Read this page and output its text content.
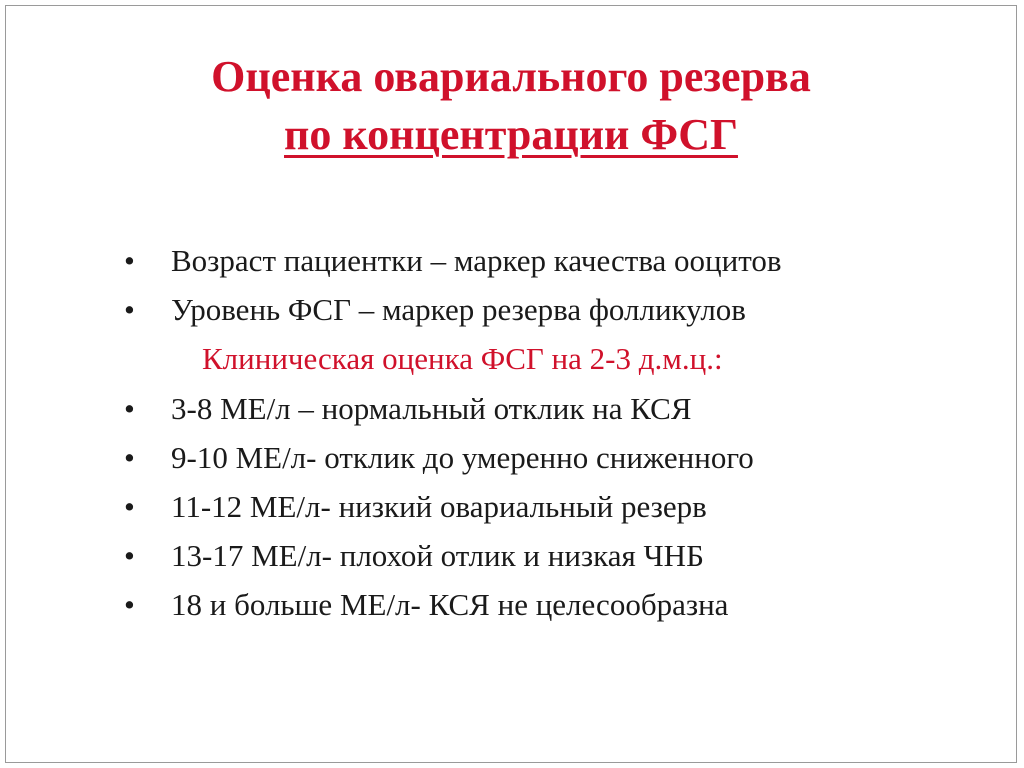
Оценка овариального резерва
по концентрации ФСГ
•	Возраст пациентки – маркер качества ооцитов
•	Уровень ФСГ – маркер резерва фолликулов
Клиническая оценка ФСГ на 2-3 д.м.ц.:
•	3-8 МЕ/л – нормальный отклик на КСЯ
•	9-10 МЕ/л- отклик до умеренно сниженного
•	11-12 МЕ/л- низкий овариальный резерв
•	13-17 МЕ/л- плохой отлик и низкая ЧНБ
•	18 и больше МЕ/л- КСЯ не целесообразна
